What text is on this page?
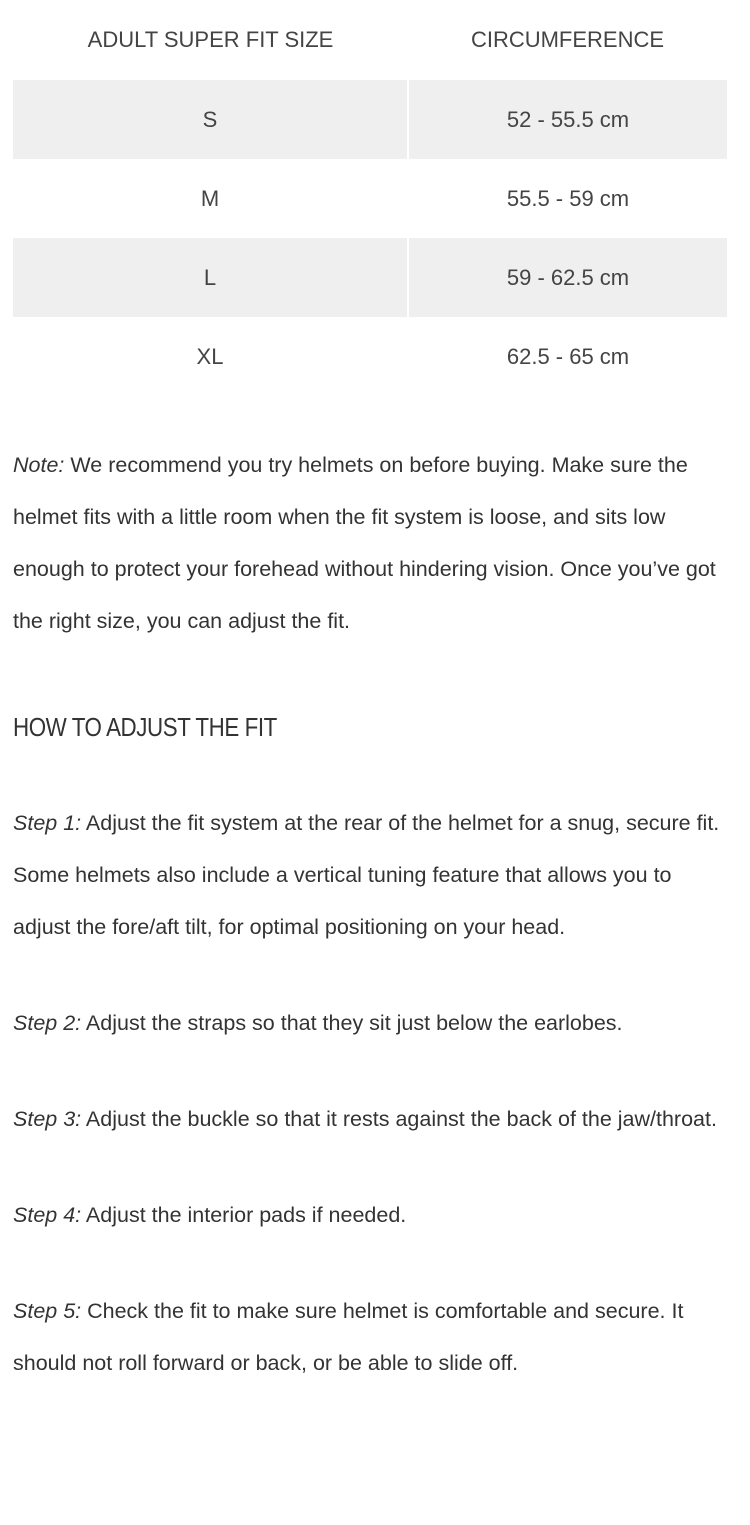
ADULT SUPER FIT SIZE	CIRCUMFERENCE
S	52 - 55.5 cm
M	55.5 - 59 cm
L	59 - 62.5 cm
XL	62.5 - 65 cm

Note: We recommend you try helmets on before buying. Make sure the helmet fits with a little room when the fit system is loose, and sits low enough to protect your forehead without hindering vision. Once you’ve got the right size, you can adjust the fit.

HOW TO ADJUST THE FIT

Step 1: Adjust the fit system at the rear of the helmet for a snug, secure fit. Some helmets also include a vertical tuning feature that allows you to adjust the fore/aft tilt, for optimal positioning on your head.

Step 2: Adjust the straps so that they sit just below the earlobes.

Step 3: Adjust the buckle so that it rests against the back of the jaw/throat.

Step 4: Adjust the interior pads if needed.

Step 5: Check the fit to make sure helmet is comfortable and secure. It should not roll forward or back, or be able to slide off.
